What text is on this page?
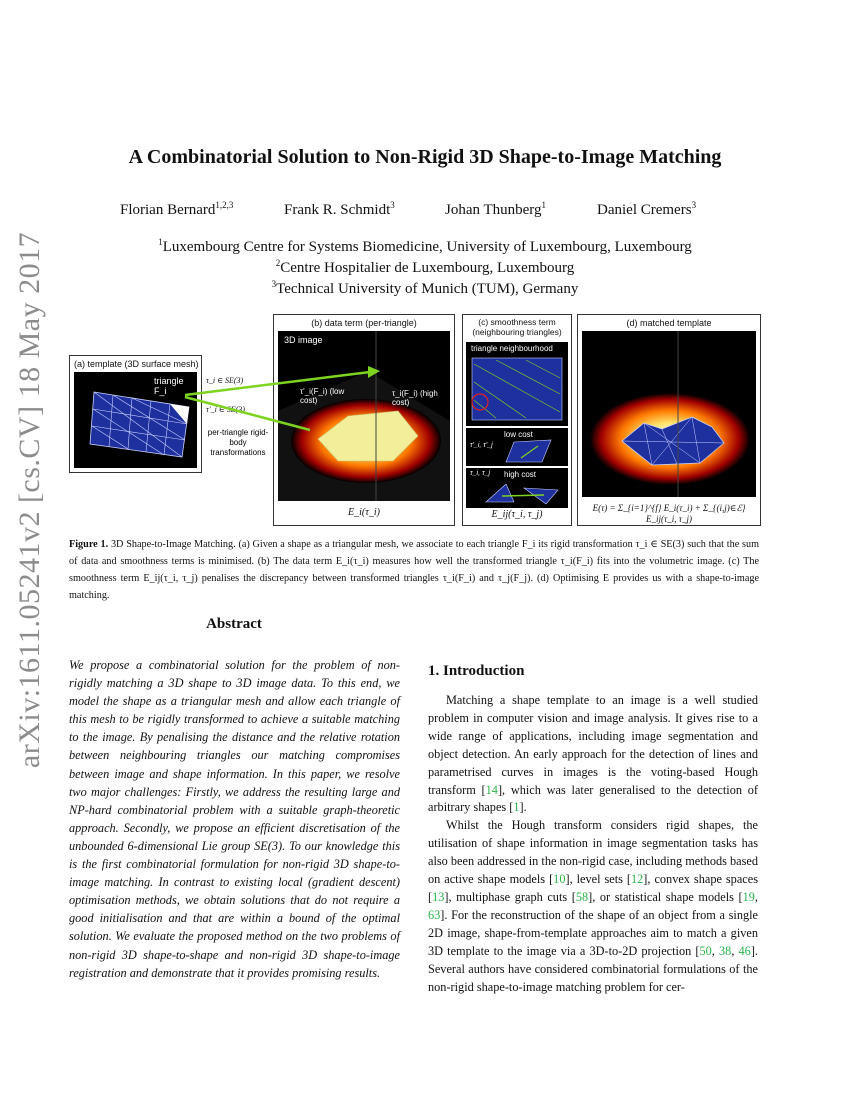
arXiv:1611.05241v2 [cs.CV] 18 May 2017
A Combinatorial Solution to Non-Rigid 3D Shape-to-Image Matching
Florian Bernard$^{1,2,3}$	Frank R. Schmidt$^3$	Johan Thunberg$^1$	Daniel Cremers$^3$
$^1$Luxembourg Centre for Systems Biomedicine, University of Luxembourg, Luxembourg
$^2$Centre Hospitalier de Luxembourg, Luxembourg
$^3$Technical University of Munich (TUM), Germany
(a) template (3D surface mesh)
triangle F_i
τ_i ∈ SE(3)
τ'_i ∈ SE(3)
per-triangle rigid-body transformations
(b) data term (per-triangle)
3D image
τ'_i(F_i) (low cost)
τ_i(F_i) (high cost)
E_i(τ_i)
(c) smoothness term (neighbouring triangles)
triangle neighbourhood
low cost
τ'_i, τ'_j
high cost
τ_i, τ_j
E_ij(τ_i, τ_j)
(d) matched template
E(τ) = Σ_{i=1}^{f} E_i(τ_i) + Σ_{(i,j)∈ℰ} E_ij(τ_i, τ_j)
Figure 1. 3D Shape-to-Image Matching. (a) Given a shape as a triangular mesh, we associate to each triangle F_i its rigid transformation τ_i ∈ SE(3) such that the sum of data and smoothness terms is minimised. (b) The data term E_i(τ_i) measures how well the transformed triangle τ_i(F_i) fits into the volumetric image. (c) The smoothness term E_ij(τ_i, τ_j) penalises the discrepancy between transformed triangles τ_i(F_i) and τ_j(F_j). (d) Optimising E provides us with a shape-to-image matching.
Abstract
We propose a combinatorial solution for the problem of non-rigidly matching a 3D shape to 3D image data. To this end, we model the shape as a triangular mesh and allow each triangle of this mesh to be rigidly transformed to achieve a suitable matching to the image. By penalising the distance and the relative rotation between neighbouring triangles our matching compromises between image and shape information. In this paper, we resolve two major challenges: Firstly, we address the resulting large and NP-hard combinatorial problem with a suitable graph-theoretic approach. Secondly, we propose an efficient discretisation of the unbounded 6-dimensional Lie group SE(3). To our knowledge this is the first combinatorial formulation for non-rigid 3D shape-to-image matching. In contrast to existing local (gradient descent) optimisation methods, we obtain solutions that do not require a good initialisation and that are within a bound of the optimal solution. We evaluate the proposed method on the two problems of non-rigid 3D shape-to-shape and non-rigid 3D shape-to-image registration and demonstrate that it provides promising results.
1. Introduction

Matching a shape template to an image is a well studied problem in computer vision and image analysis. It gives rise to a wide range of applications, including image segmentation and object detection. An early approach for the detection of lines and parametrised curves in images is the voting-based Hough transform [14], which was later generalised to the detection of arbitrary shapes [1].

Whilst the Hough transform considers rigid shapes, the utilisation of shape information in image segmentation tasks has also been addressed in the non-rigid case, including methods based on active shape models [10], level sets [12], convex shape spaces [13], multiphase graph cuts [58], or statistical shape models [19, 63]. For the reconstruction of the shape of an object from a single 2D image, shape-from-template approaches aim to match a given 3D template to the image via a 3D-to-2D projection [50, 38, 46]. Several authors have considered combinatorial formulations of the non-rigid shape-to-image matching problem for cer-
